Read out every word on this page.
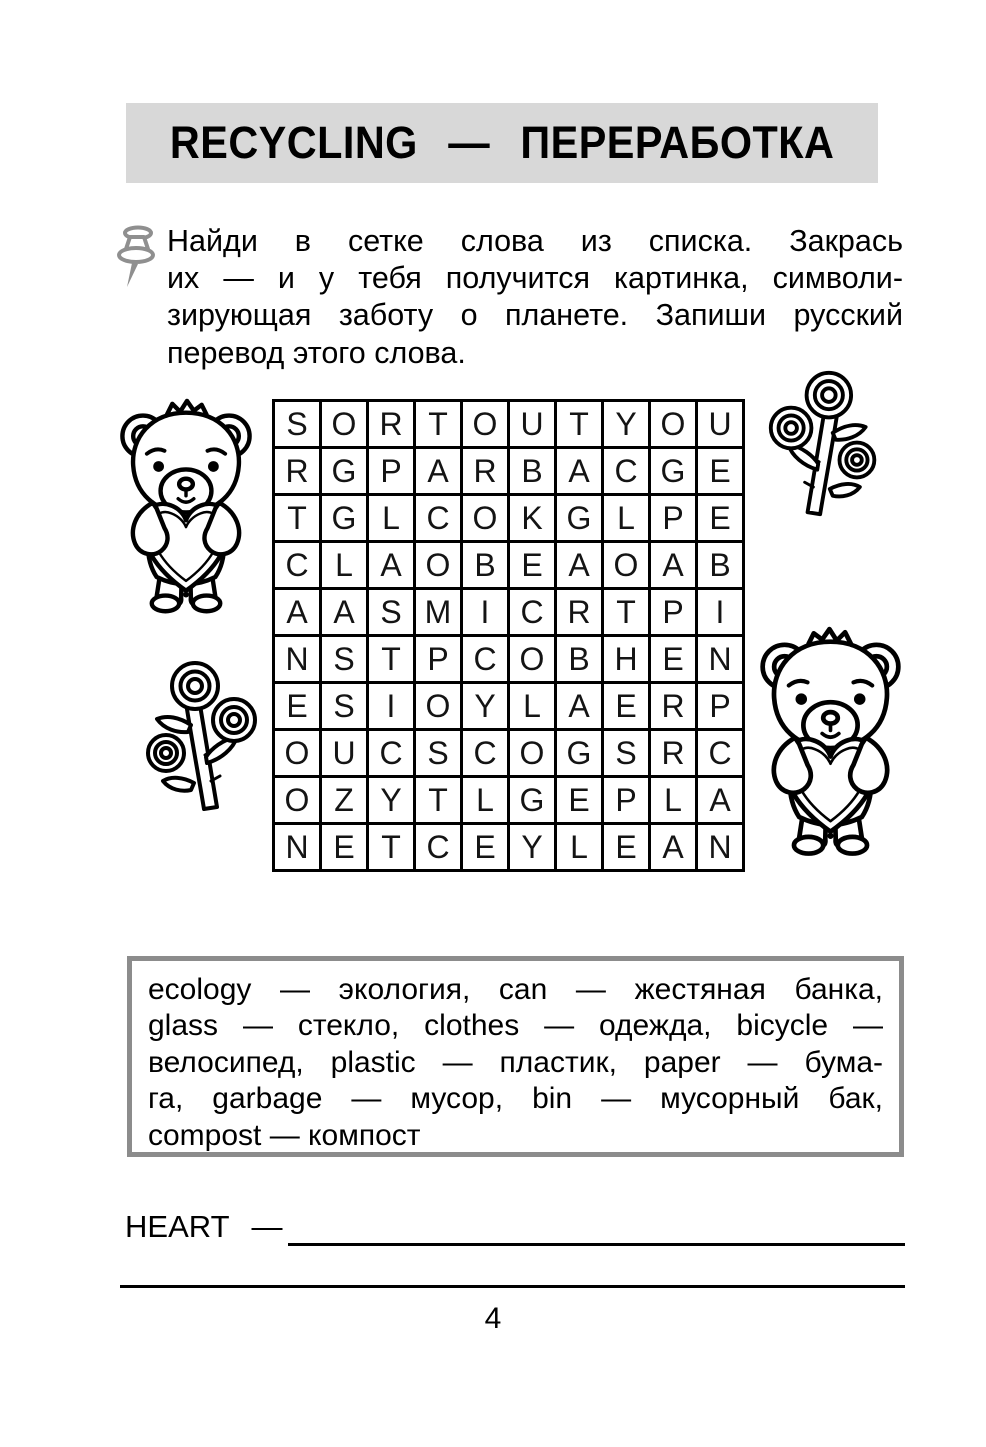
RECYCLING — ПЕРЕРАБОТКА
Найди в сетке слова из списка. Закрась
их — и у тебя получится картинка, символи-
зирующая заботу о планете. Запиши русский
перевод этого слова.
S O R T O U T Y O U
R G P A R B A C G E
T G L C O K G L P E
C L A O B E A O A B
A A S M I C R T P I
N S T P C O B H E N
E S I O Y L A E R P
O U C S C O G S R C
O Z Y T L G E P L A
N E T C E Y L E A N
ecology — экология, can — жестяная банка,
glass — стекло, clothes — одежда, bicycle —
велосипед, plastic — пластик, paper — бума-
га, garbage — мусор, bin — мусорный бак,
compost — компост
HEART —
4
